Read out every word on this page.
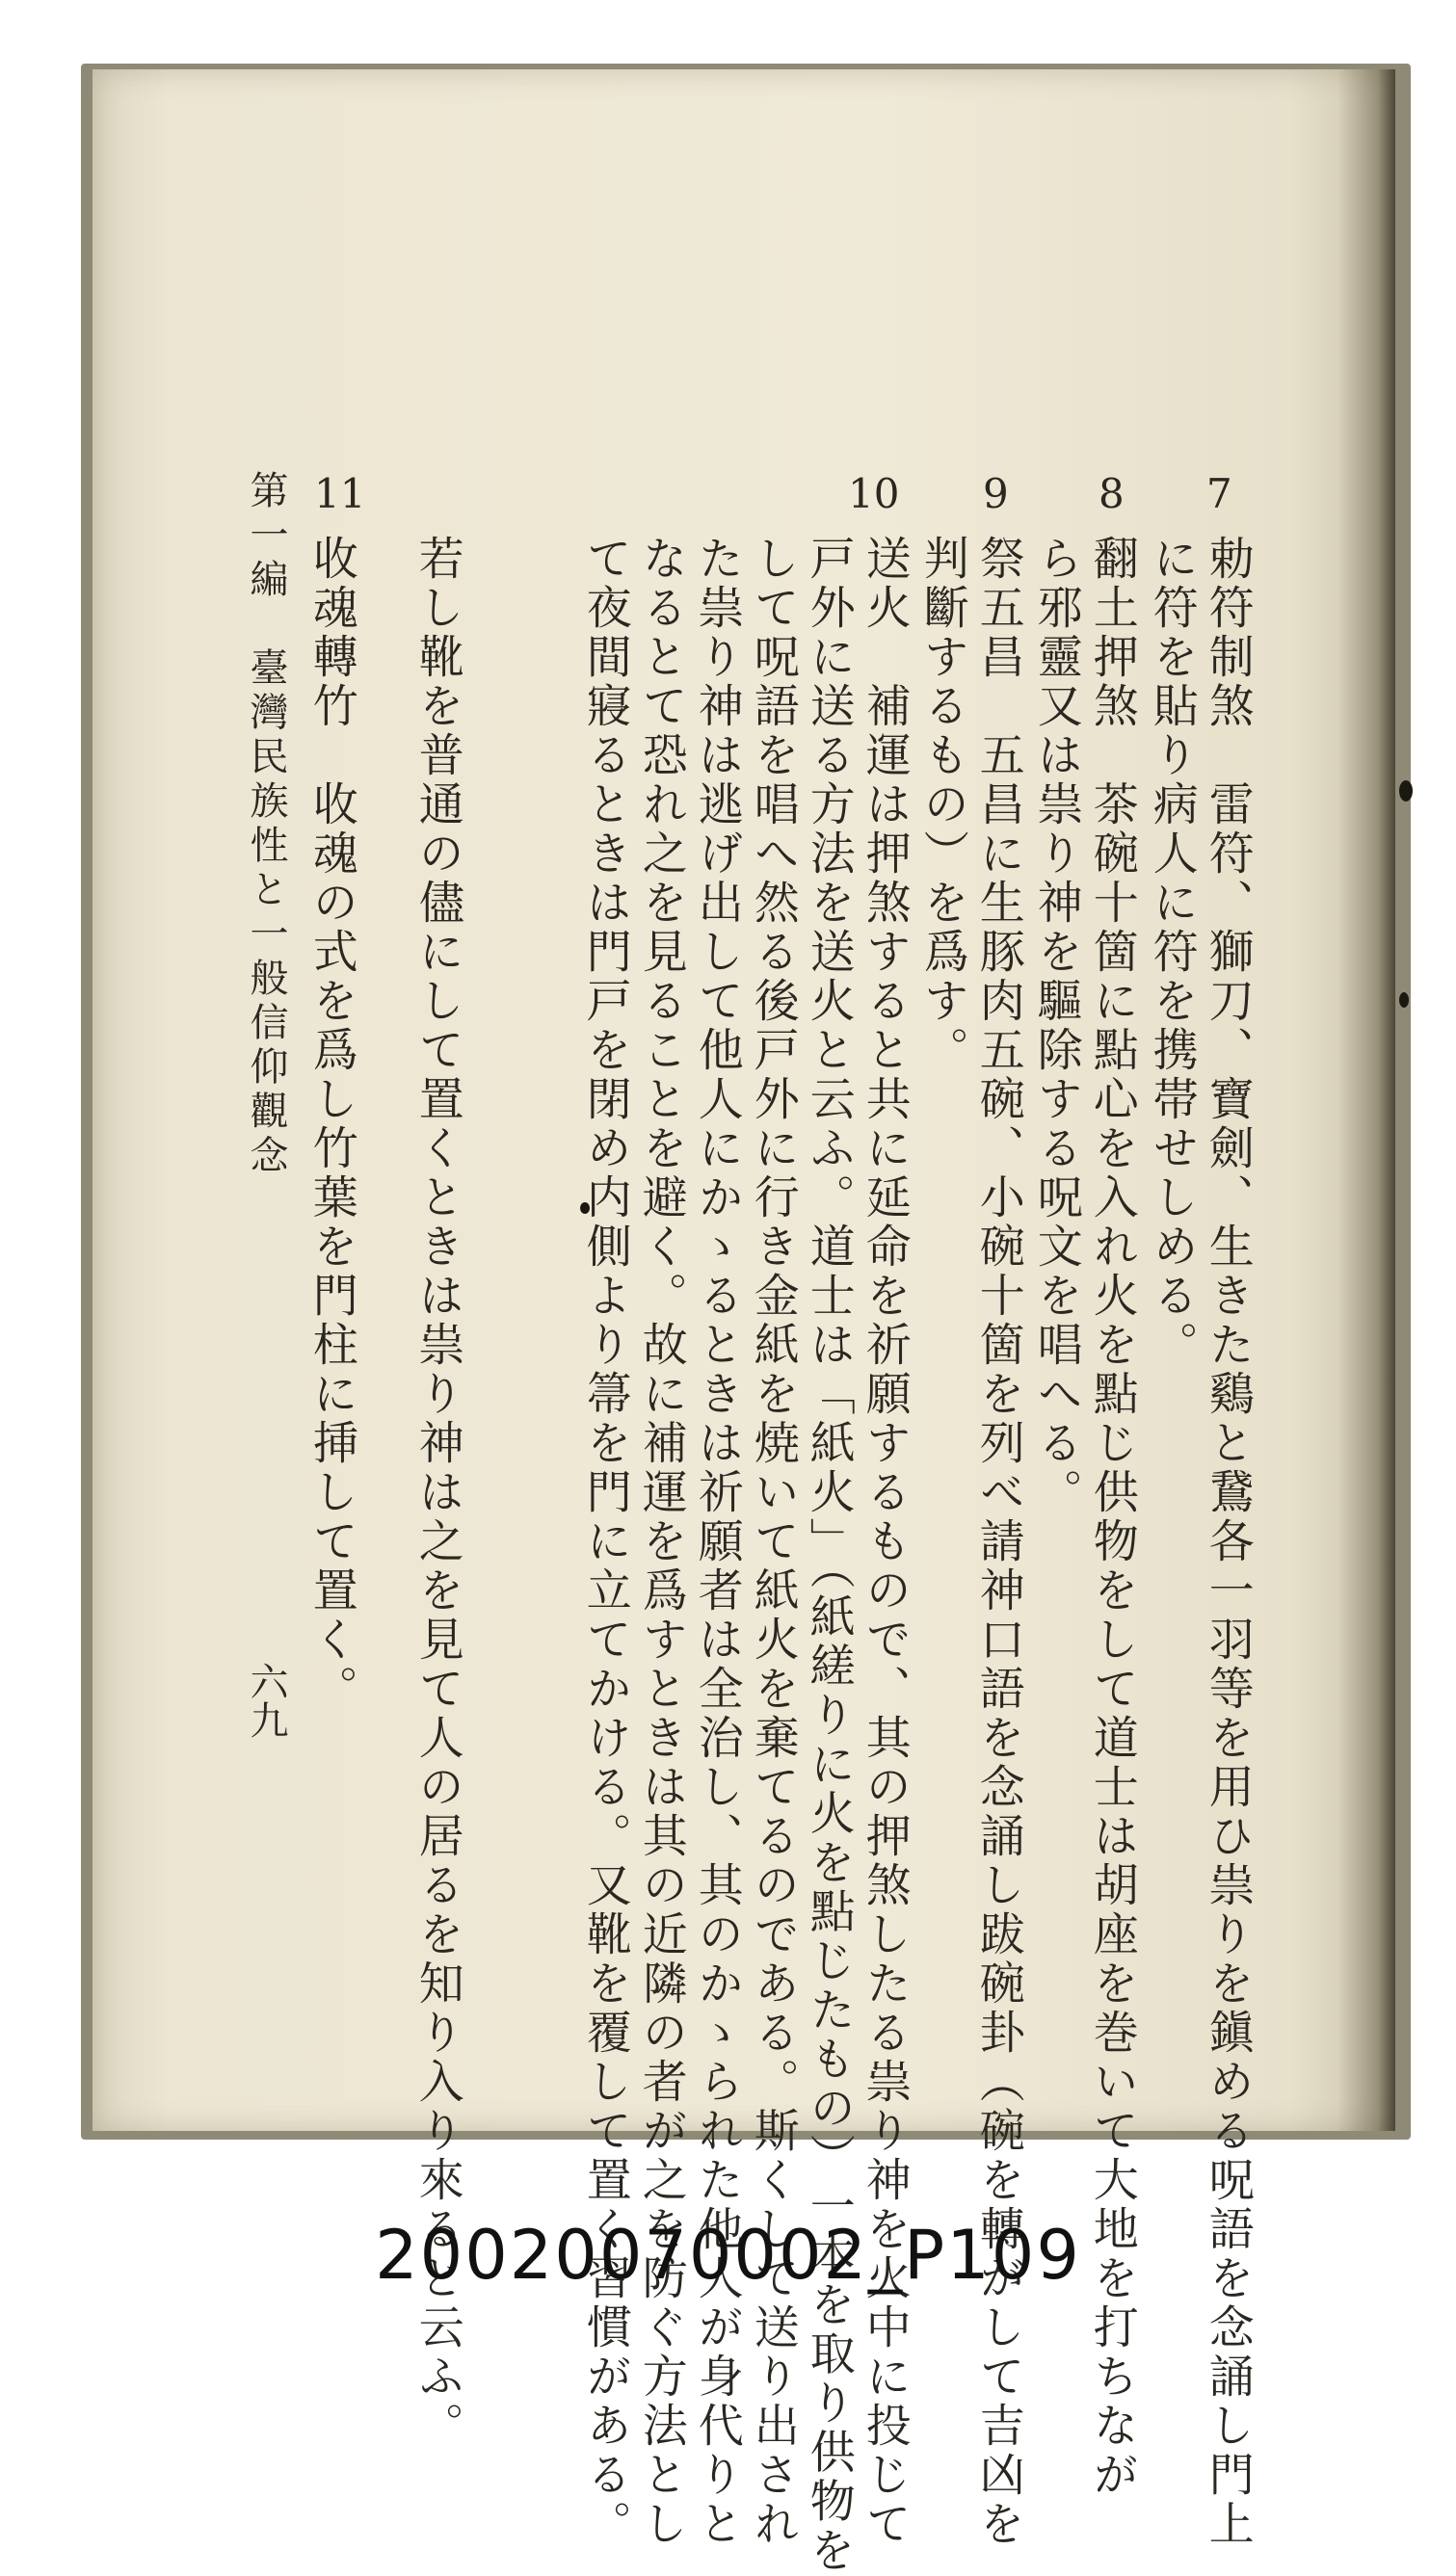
7
勅符制煞　雷符、獅刀、寶劍、生きた鷄と鵞各一羽等を用ひ祟りを鎭める呪語を念誦し門上
に符を貼り病人に符を携帯せしめる。
8
翻土押煞　茶碗十箇に點心を入れ火を點じ供物をして道士は胡座を巻いて大地を打ちなが
ら邪靈又は祟り神を驅除する呪文を唱へる。
9
祭五昌　五昌に生豚肉五碗、小碗十箇を列べ請神口語を念誦し跋碗卦（碗を轉がして吉凶を
判斷するもの）を爲す。
10
送火　補運は押煞すると共に延命を祈願するもので、其の押煞したる祟り神を火中に投じて
戸外に送る方法を送火と云ふ。道士は「紙火」（紙縒りに火を點じたもの）一本を取り供物を
して呪語を唱へ然る後戸外に行き金紙を焼いて紙火を棄てるのである。斯くして送り出され
た祟り神は逃げ出して他人にかゝるときは祈願者は全治し、其のかゝられた他人が身代りと
なるとて恐れ之を見ることを避く。故に補運を爲すときは其の近隣の者が之を防ぐ方法とし
て夜間寢るときは門戸を閉め内側より箒を門に立てかける。又靴を覆して置く習慣がある。
11
收魂轉竹　收魂の式を爲し竹葉を門柱に挿して置く。 若し靴を普通の儘にして置くときは祟り神は之を見て人の居るを知り入り來ると云ふ。
第一編　臺灣民族性と一般信仰觀念
六九
20020070002_P109
